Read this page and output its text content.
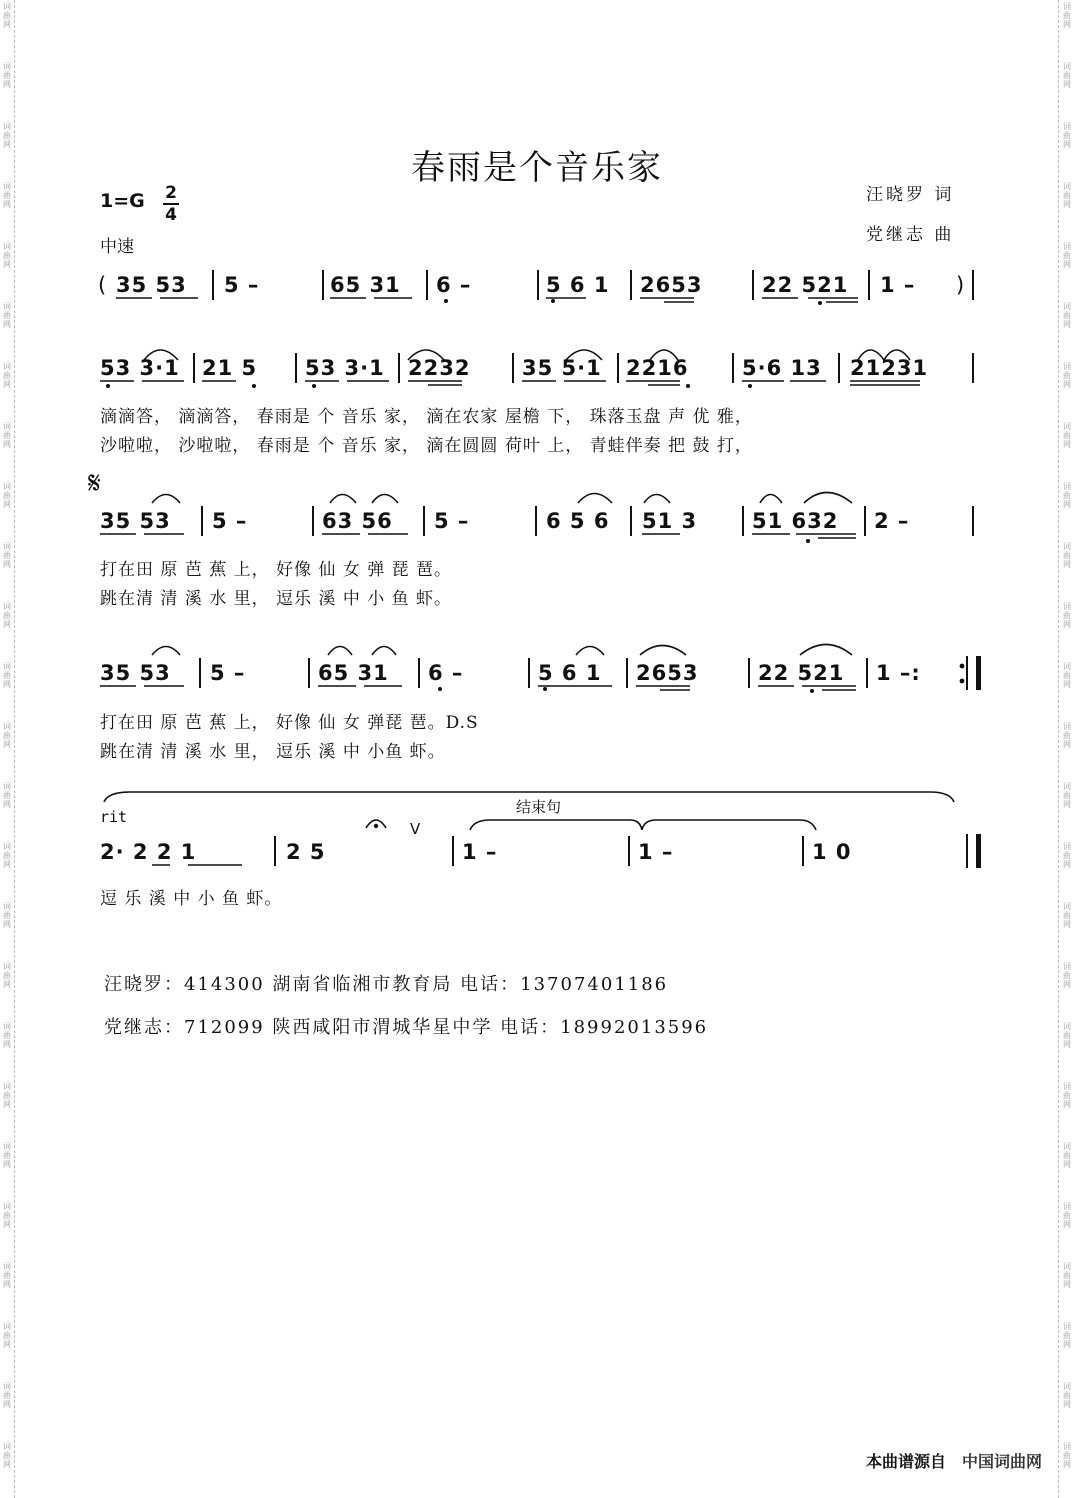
词
曲
网
词
曲
网
词
曲
网
词
曲
网
词
曲
网
词
曲
网
词
曲
网
词
曲
网
词
曲
网
词
曲
网
词
曲
网
词
曲
网
词
曲
网
词
曲
网
词
曲
网
词
曲
网
词
曲
网
词
曲
网
词
曲
网
词
曲
网
词
曲
网
词
曲
网
词
曲
网
词
曲
网
词
曲
网
词
曲
网
词
曲
网
词
曲
网
词
曲
网
词
曲
网
词
曲
网
词
曲
网
词
曲
网
词
曲
网
词
曲
网
词
曲
网
词
曲
网
词
曲
网
词
曲
网
词
曲
网
词
曲
网
词
曲
网
词
曲
网
词
曲
网
词
曲
网
词
曲
网
词
曲
网
词
曲
网
词
曲
网
词
曲
网
春雨是个音乐家
汪晓罗 词
党继志 曲
1=G 2
4
中速
( 35 53 5 –	65 31 6 –	5 6 1 2653	22 521 1 – )
53 3·1 21 5 53 3·1 2232 35 5·1 2216	5·6 13 21231
滴滴答， 滴滴答， 春雨是 个 音乐 家， 滴在农家 屋檐 下， 珠落玉盘 声 优 雅，
沙啦啦， 沙啦啦， 春雨是 个 音乐 家， 滴在圆圆 荷叶 上， 青蛙伴奏 把 鼓 打，
𝄋
35 53 5 –	63 56 5 –	6 5 6 51 3	51 632 2 –
打在田 原 芭 蕉 上， 好像 仙 女 弹 琵 琶。
跳在清 清 溪 水 里， 逗乐 溪 中 小 鱼 虾。
35 53 5 –	65 31 6 –	5 6 1 2653	22 521 1 –:
打在田 原 芭 蕉 上， 好像 仙 女 弹琵 琶。D.S
跳在清 清 溪 水 里， 逗乐 溪 中 小鱼 虾。
rit
结束句
V
2· 2 2 1	2 5	1 –	1 –	1 0
逗 乐 溪 中 小 鱼 虾。
汪晓罗：414300 湖南省临湘市教育局 电话：13707401186
党继志：712099 陕西咸阳市渭城华星中学 电话：18992013596
本曲谱源自 中国词曲网
